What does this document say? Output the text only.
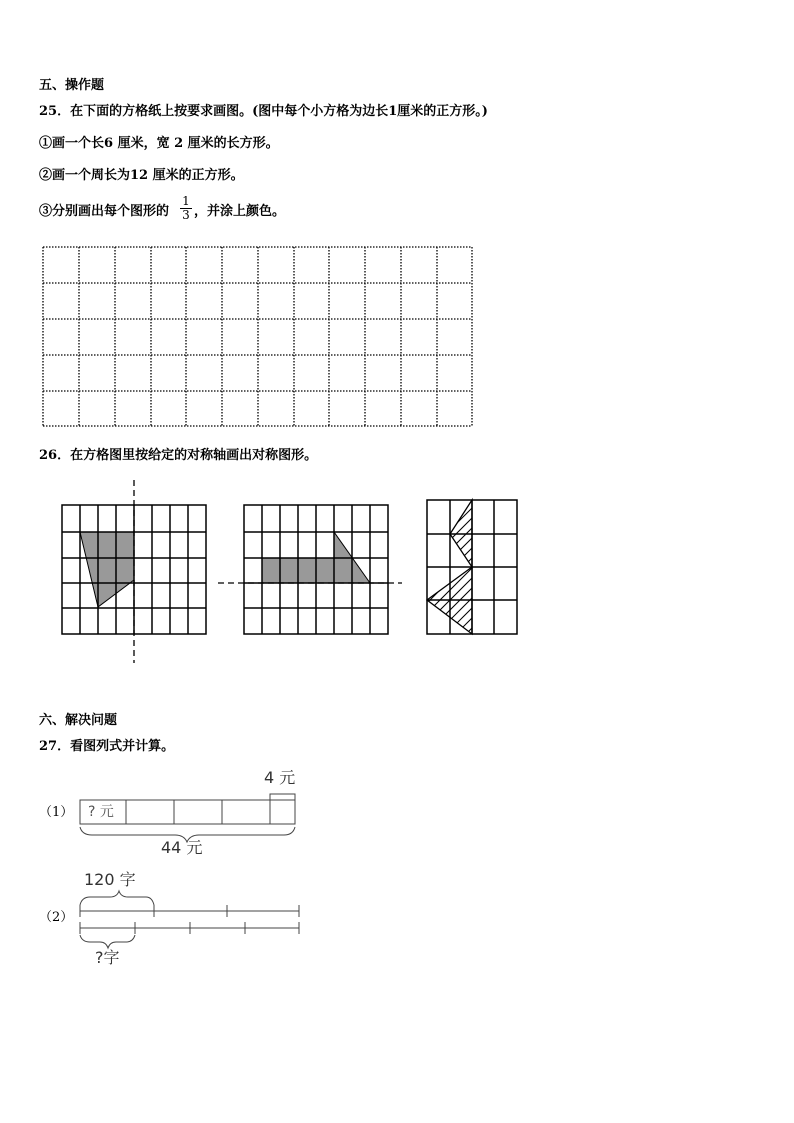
五、操作题
25．在下面的方格纸上按要求画图。(图中每个小方格为边长1厘米的正方形。)
①画一个长6 厘米，宽 2 厘米的长方形。
②画一个周长为12 厘米的正方形。
③分别画出每个图形的 $\frac{1}{3}$ ，并涂上颜色。
26．在方格图里按给定的对称轴画出对称图形。
六、解决问题
27．看图列式并计算。
（1） ? 元
4 元
44 元
（2）
120 字
?字
